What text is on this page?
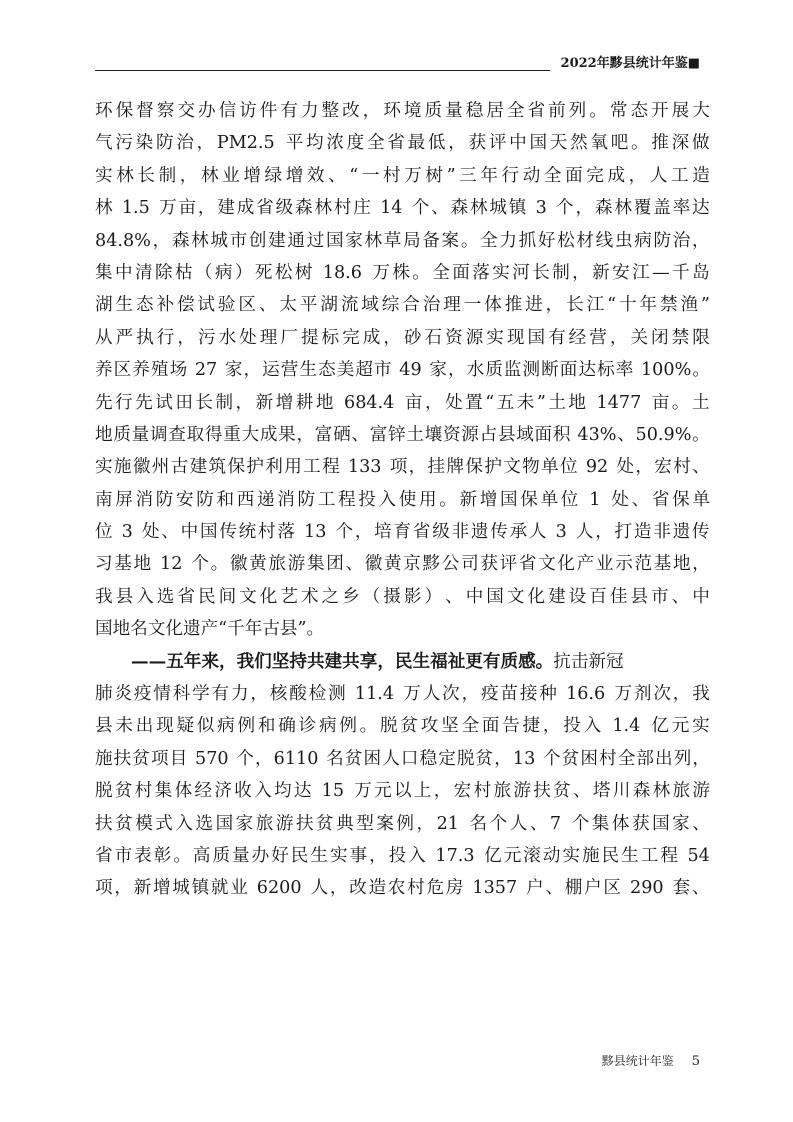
2022年黟县统计年鉴■
环 保 督 察 交 办 信 访 件 有 力 整 改 ， 环 境 质 量 稳 居 全 省 前 列 。 常 态 开 展 大
气 污 染 防 治 ， PM2.5
平 均 浓 度 全 省 最 低 ， 获 评 中 国 天 然 氧 吧 。 推 深 做
实 林 长 制 ， 林 业 增 绿 增 效 、 “ 一 村 万 树 ” 三 年 行 动 全 面 完 成 ， 人 工 造
林
1.5
万 亩 ， 建 成 省 级 森 林 村 庄
14
个 、 森 林 城 镇
3
个 ， 森 林 覆 盖 率 达
84.8% ， 森 林 城 市 创 建 通 过 国 家 林 草 局 备 案 。 全 力 抓 好 松 材 线 虫 病 防 治 ，
集 中 清 除 枯 （ 病 ） 死 松 树
18.6
万 株 。 全 面 落 实 河 长 制 ， 新 安 江 — 千 岛
湖 生 态 补 偿 试 验 区 、 太 平 湖 流 域 综 合 治 理 一 体 推 进 ， 长 江 “ 十 年 禁 渔 ”
从 严 执 行 ， 污 水 处 理 厂 提 标 完 成 ， 砂 石 资 源 实 现 国 有 经 营 ， 关 闭 禁 限
养 区 养 殖 场
27
家 ， 运 营 生 态 美 超 市
49
家 ， 水 质 监 测 断 面 达 标 率
100% 。
先 行 先 试 田 长 制 ， 新 增 耕 地
684.4
亩 ， 处 置 “ 五 未 ” 土 地
1477
亩 。 土
地 质 量 调 查 取 得 重 大 成 果 ， 富 硒 、 富 锌 土 壤 资 源 占 县 域 面 积
43% 、 50.9% 。
实 施 徽 州 古 建 筑 保 护 利 用 工 程
133
项 ， 挂 牌 保 护 文 物 单 位
92
处 ， 宏 村 、
南 屏 消 防 安 防 和 西 递 消 防 工 程 投 入 使 用 。 新 增 国 保 单 位
1
处 、 省 保 单
位
3
处 、 中 国 传 统 村 落
13
个 ， 培 育 省 级 非 遗 传 承 人
3
人 ， 打 造 非 遗 传
习 基 地
12
个 。 徽 黄 旅 游 集 团 、 徽 黄 京 黟 公 司 获 评 省 文 化 产 业 示 范 基 地 ，
我 县 入 选 省 民 间 文 化 艺 术 之 乡 （ 摄 影 ） 、 中 国 文 化 建 设 百 佳 县 市 、 中
国地名文化遗产“千年古县”。
——五年来，我们坚持共建共享，民生福祉更有质感。抗击新冠
肺 炎 疫 情 科 学 有 力 ， 核 酸 检 测
11.4
万 人 次 ， 疫 苗 接 种
16.6
万 剂 次 ， 我
县 未 出 现 疑 似 病 例 和 确 诊 病 例 。 脱 贫 攻 坚 全 面 告 捷 ， 投 入
1.4
亿 元 实
施 扶 贫 项 目
570
个 ， 6110
名 贫 困 人 口 稳 定 脱 贫 ， 13
个 贫 困 村 全 部 出 列 ，
脱 贫 村 集 体 经 济 收 入 均 达
15
万 元 以 上 ， 宏 村 旅 游 扶 贫 、 塔 川 森 林 旅 游
扶 贫 模 式 入 选 国 家 旅 游 扶 贫 典 型 案 例 ， 21
名 个 人 、 7
个 集 体 获 国 家 、
省 市 表 彰 。 高 质 量 办 好 民 生 实 事 ， 投 入
17.3
亿 元 滚 动 实 施 民 生 工 程
54
项 ， 新 增 城 镇 就 业
6200
人 ， 改 造 农 村 危 房
1357
户 、 棚 户 区
290
套 、
黟县统计年鉴 5
